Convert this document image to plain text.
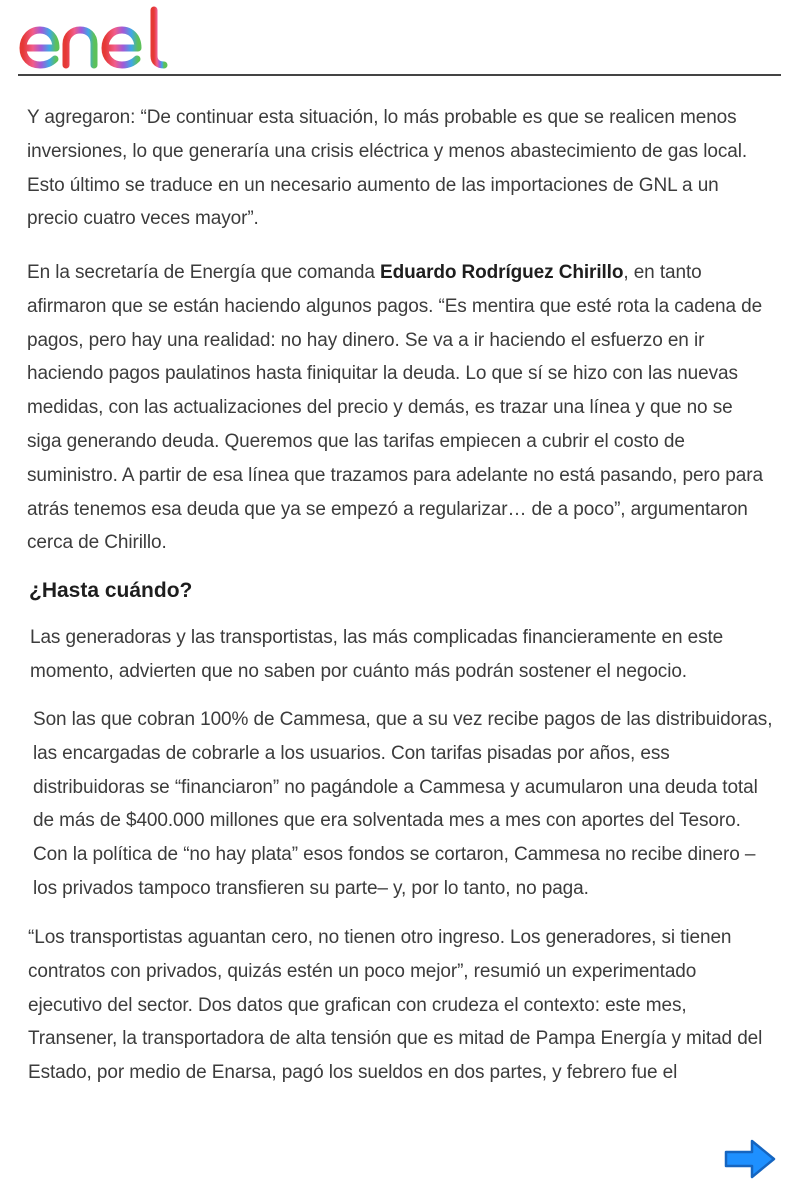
Y agregaron: “De continuar esta situación, lo más probable es que se realicen menos inversiones, lo que generaría una crisis eléctrica y menos abastecimiento de gas local. Esto último se traduce en un necesario aumento de las importaciones de GNL a un precio cuatro veces mayor”.

En la secretaría de Energía que comanda Eduardo Rodríguez Chirillo, en tanto afirmaron que se están haciendo algunos pagos. “Es mentira que esté rota la cadena de pagos, pero hay una realidad: no hay dinero. Se va a ir haciendo el esfuerzo en ir haciendo pagos paulatinos hasta finiquitar la deuda. Lo que sí se hizo con las nuevas medidas, con las actualizaciones del precio y demás, es trazar una línea y que no se siga generando deuda. Queremos que las tarifas empiecen a cubrir el costo de suministro. A partir de esa línea que trazamos para adelante no está pasando, pero para atrás tenemos esa deuda que ya se empezó a regularizar… de a poco”, argumentaron cerca de Chirillo.

¿Hasta cuándo?

Las generadoras y las transportistas, las más complicadas financieramente en este momento, advierten que no saben por cuánto más podrán sostener el negocio.

Son las que cobran 100% de Cammesa, que a su vez recibe pagos de las distribuidoras, las encargadas de cobrarle a los usuarios. Con tarifas pisadas por años, ess distribuidoras se “financiaron” no pagándole a Cammesa y acumularon una deuda total de más de $400.000 millones que era solventada mes a mes con aportes del Tesoro. Con la política de “no hay plata” esos fondos se cortaron, Cammesa no recibe dinero –los privados tampoco transfieren su parte– y, por lo tanto, no paga.

“Los transportistas aguantan cero, no tienen otro ingreso. Los generadores, si tienen contratos con privados, quizás estén un poco mejor”, resumió un experimentado ejecutivo del sector. Dos datos que grafican con crudeza el contexto: este mes, Transener, la transportadora de alta tensión que es mitad de Pampa Energía y mitad del Estado, por medio de Enarsa, pagó los sueldos en dos partes, y febrero fue el
